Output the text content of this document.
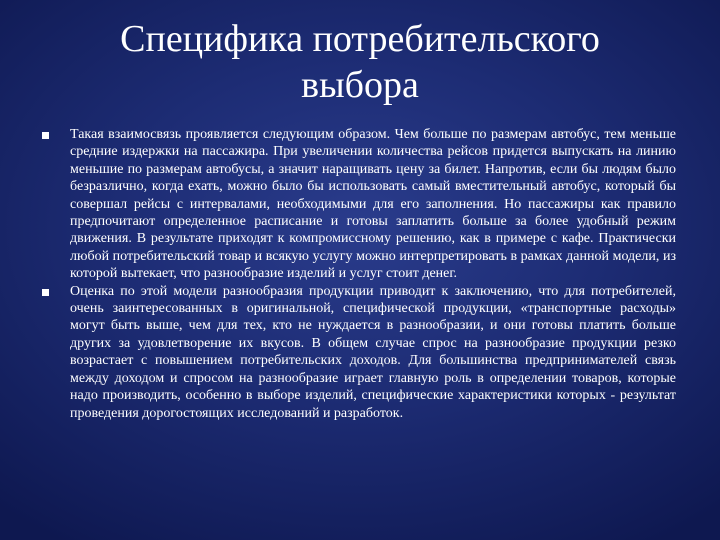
Специфика потребительского
выбора
Такая взаимосвязь проявляется следующим образом. Чем больше по размерам автобус, тем меньше средние издержки на пассажира. При увеличении количества рейсов придется выпускать на линию меньшие по размерам автобусы, а значит наращивать цену за билет. Напротив, если бы людям было безразлично, когда ехать, можно было бы использовать самый вместительный автобус, который бы совершал рейсы с интервалами, необходимыми для его заполнения. Но пассажиры как правило предпочитают определенное расписание и готовы заплатить больше за более удобный режим движения. В результате приходят к компромиссному решению, как в примере с кафе. Практически любой потребительский товар и всякую услугу можно интерпретировать в рамках данной модели, из которой вытекает, что разнообразие изделий и услуг стоит денег.
Оценка по этой модели разнообразия продукции приводит к заключению, что для потребителей, очень заинтересованных в оригинальной, специфической продукции, «транспортные расходы» могут быть выше, чем для тех, кто не нуждается в разнообразии, и они готовы платить больше других за удовлетворение их вкусов. В общем случае спрос на разнообразие продукции резко возрастает с повышением потребительских доходов. Для большинства предпринимателей связь между доходом и спросом на разнообразие играет главную роль в определении товаров, которые надо производить, особенно в выборе изделий, специфические характеристики которых - результат проведения дорогостоящих исследований и разработок.
